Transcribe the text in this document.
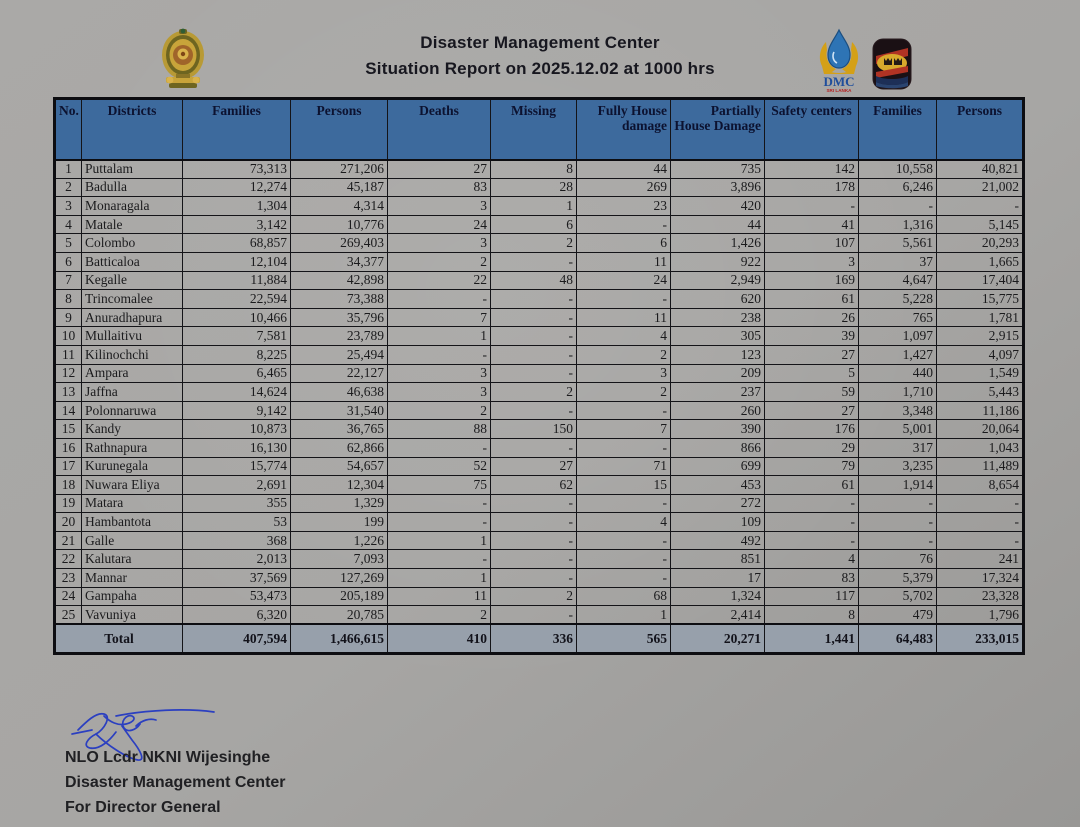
Disaster Management Center
Situation Report on 2025.12.02 at 1000 hrs
DMC
SRI LANKA
No.	Districts	Families	Persons	Deaths	Missing	Fully House damage	Partially House Damage	Safety centers	Families	Persons
1	Puttalam	73,313	271,206	27	8	44	735	142	10,558	40,821
2	Badulla	12,274	45,187	83	28	269	3,896	178	6,246	21,002
3	Monaragala	1,304	4,314	3	1	23	420	-	-	-
4	Matale	3,142	10,776	24	6	-	44	41	1,316	5,145
5	Colombo	68,857	269,403	3	2	6	1,426	107	5,561	20,293
6	Batticaloa	12,104	34,377	2	-	11	922	3	37	1,665
7	Kegalle	11,884	42,898	22	48	24	2,949	169	4,647	17,404
8	Trincomalee	22,594	73,388	-	-	-	620	61	5,228	15,775
9	Anuradhapura	10,466	35,796	7	-	11	238	26	765	1,781
10	Mullaitivu	7,581	23,789	1	-	4	305	39	1,097	2,915
11	Kilinochchi	8,225	25,494	-	-	2	123	27	1,427	4,097
12	Ampara	6,465	22,127	3	-	3	209	5	440	1,549
13	Jaffna	14,624	46,638	3	2	2	237	59	1,710	5,443
14	Polonnaruwa	9,142	31,540	2	-	-	260	27	3,348	11,186
15	Kandy	10,873	36,765	88	150	7	390	176	5,001	20,064
16	Rathnapura	16,130	62,866	-	-	-	866	29	317	1,043
17	Kurunegala	15,774	54,657	52	27	71	699	79	3,235	11,489
18	Nuwara Eliya	2,691	12,304	75	62	15	453	61	1,914	8,654
19	Matara	355	1,329	-	-	-	272	-	-	-
20	Hambantota	53	199	-	-	4	109	-	-	-
21	Galle	368	1,226	1	-	-	492	-	-	-
22	Kalutara	2,013	7,093	-	-	-	851	4	76	241
23	Mannar	37,569	127,269	1	-	-	17	83	5,379	17,324
24	Gampaha	53,473	205,189	11	2	68	1,324	117	5,702	23,328
25	Vavuniya	6,320	20,785	2	-	1	2,414	8	479	1,796
Total		407,594	1,466,615	410	336	565	20,271	1,441	64,483	233,015
NLO Lcdr NKNI Wijesinghe
Disaster Management Center
For Director General
